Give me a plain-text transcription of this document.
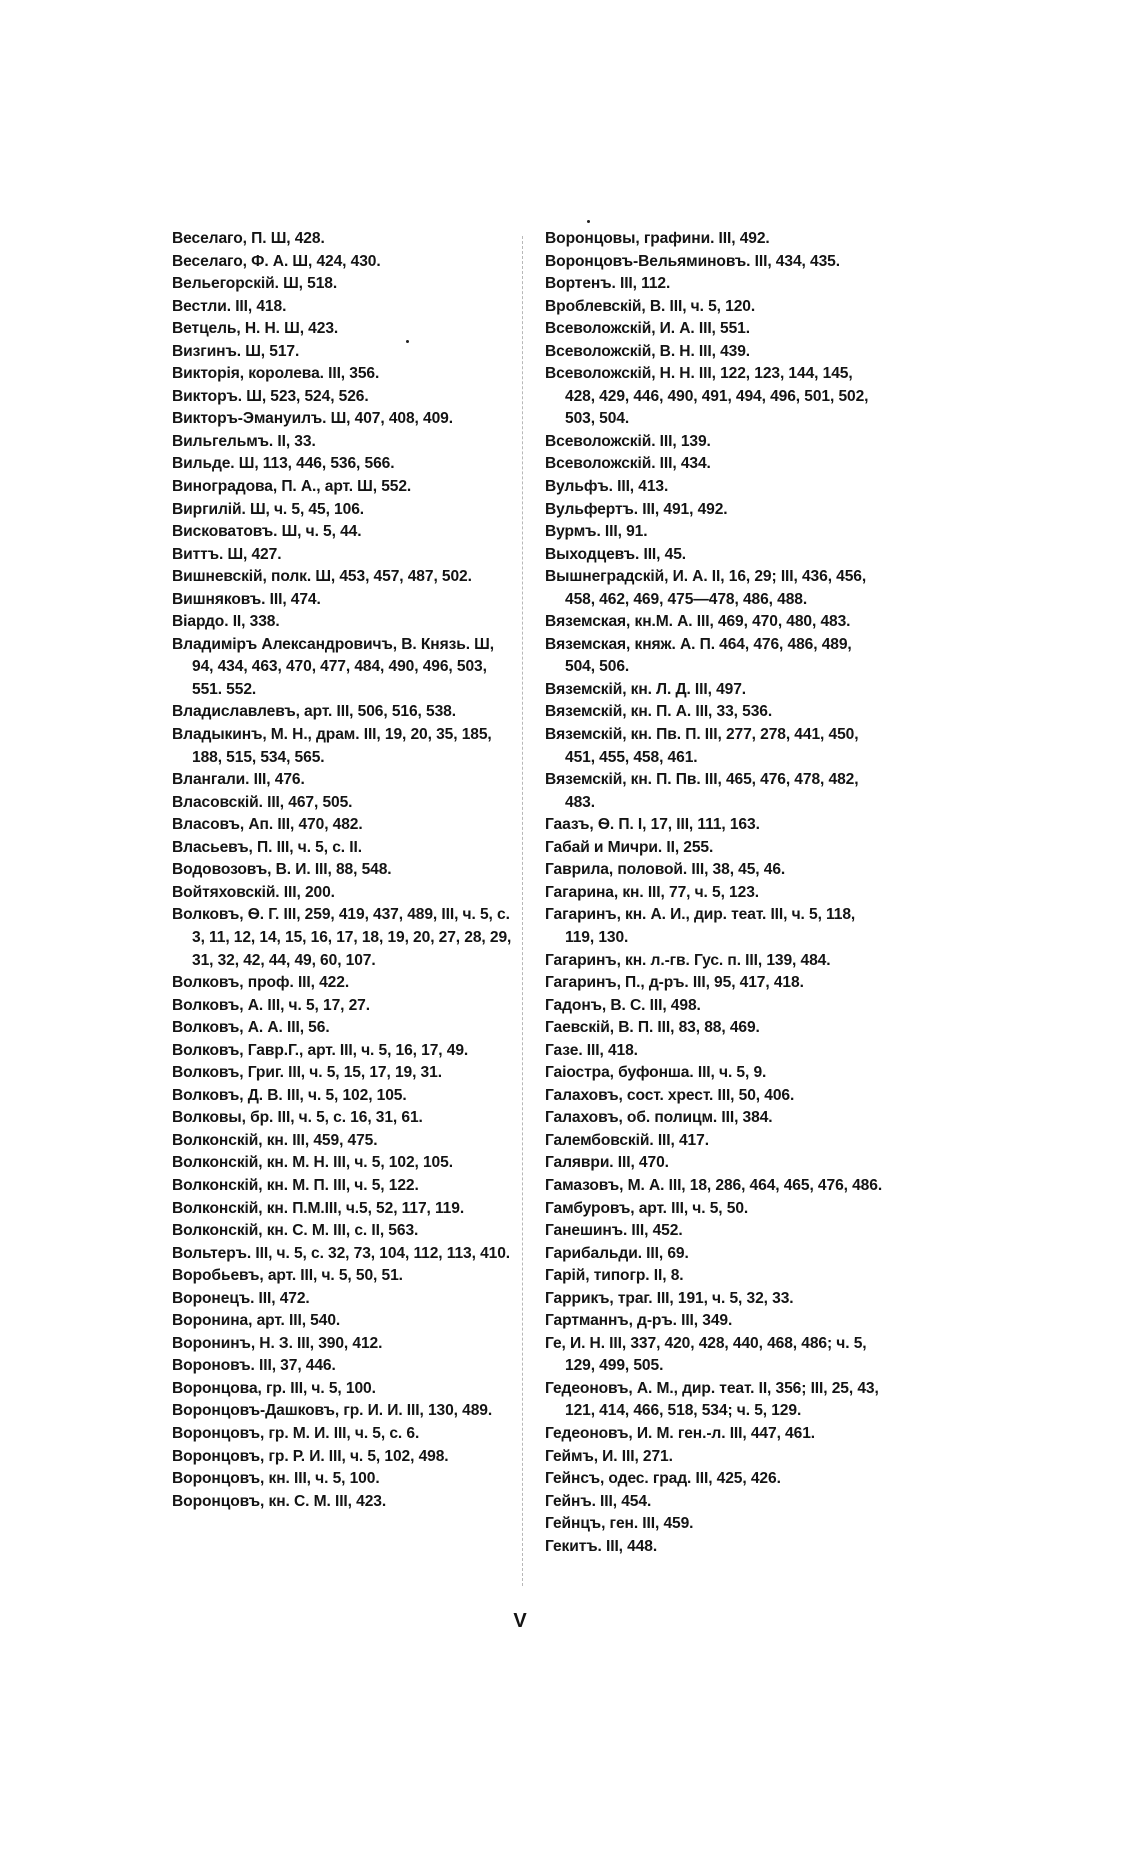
Веселаго, П. Ш, 428.
Веселаго, Ф. А. Ш, 424, 430.
Вельегорскій. Ш, 518.
Вестли. III, 418.
Ветцель, Н. Н. Ш, 423.
Визгинъ. Ш, 517.
Викторія, королева. III, 356.
Викторъ. Ш, 523, 524, 526.
Викторъ-Эмануилъ. Ш, 407, 408, 409.
Вильгельмъ. II, 33.
Вильде. Ш, 113, 446, 536, 566.
Виноградова, П. А., арт. Ш, 552.
Виргилій. Ш, ч. 5, 45, 106.
Висковатовъ. Ш, ч. 5, 44.
Виттъ. Ш, 427.
Вишневскій, полк. Ш, 453, 457, 487, 502.
Вишняковъ. III, 474.
Віардо. II, 338.
Владиміръ Александровичъ, В. Князь. Ш, 94, 434, 463, 470, 477, 484, 490, 496, 503, 551. 552.
Владиславлевъ, арт. III, 506, 516, 538.
Владыкинъ, М. Н., драм. III, 19, 20, 35, 185, 188, 515, 534, 565.
Влангали. III, 476.
Власовскій. III, 467, 505.
Власовъ, Ап. III, 470, 482.
Власьевъ, П. III, ч. 5, с. II.
Водовозовъ, В. И. III, 88, 548.
Войтяховскій. III, 200.
Волковъ, Ѳ. Г. III, 259, 419, 437, 489, III, ч. 5, с. 3, 11, 12, 14, 15, 16, 17, 18, 19, 20, 27, 28, 29, 31, 32, 42, 44, 49, 60, 107.
Волковъ, проф. III, 422.
Волковъ, А. III, ч. 5, 17, 27.
Волковъ, А. А. III, 56.
Волковъ, Гавр.Г., арт. III, ч. 5, 16, 17, 49.
Волковъ, Григ. III, ч. 5, 15, 17, 19, 31.
Волковъ, Д. В. III, ч. 5, 102, 105.
Волковы, бр. III, ч. 5, с. 16, 31, 61.
Волконскій, кн. III, 459, 475.
Волконскій, кн. М. Н. III, ч. 5, 102, 105.
Волконскій, кн. М. П. III, ч. 5, 122.
Волконскій, кн. П.М.III, ч.5, 52, 117, 119.
Волконскій, кн. С. М. III, с. II, 563.
Вольтеръ. III, ч. 5, с. 32, 73, 104, 112, 113, 410.
Воробьевъ, арт. III, ч. 5, 50, 51.
Воронецъ. III, 472.
Воронина, арт. III, 540.
Воронинъ, Н. З. III, 390, 412.
Вороновъ. III, 37, 446.
Воронцова, гр. III, ч. 5, 100.
Воронцовъ-Дашковъ, гр. И. И. III, 130, 489.
Воронцовъ, гр. М. И. III, ч. 5, с. 6.
Воронцовъ, гр. Р. И. III, ч. 5, 102, 498.
Воронцовъ, кн. III, ч. 5, 100.
Воронцовъ, кн. С. М. III, 423.
Воронцовы, графини. III, 492.
Воронцовъ-Вельяминовъ. III, 434, 435.
Вортенъ. III, 112.
Вроблевскій, В. III, ч. 5, 120.
Всеволожскій, И. А. III, 551.
Всеволожскій, В. Н. III, 439.
Всеволожскій, Н. Н. III, 122, 123, 144, 145, 428, 429, 446, 490, 491, 494, 496, 501, 502, 503, 504.
Всеволожскій. III, 139.
Всеволожскій. III, 434.
Вульфъ. III, 413.
Вульфертъ. III, 491, 492.
Вурмъ. III, 91.
Выходцевъ. III, 45.
Вышнеградскій, И. А. II, 16, 29; III, 436, 456, 458, 462, 469, 475—478, 486, 488.
Вяземская, кн.М. А. III, 469, 470, 480, 483.
Вяземская, княж. А. П. 464, 476, 486, 489, 504, 506.
Вяземскій, кн. Л. Д. III, 497.
Вяземскій, кн. П. А. III, 33, 536.
Вяземскій, кн. Пв. П. III, 277, 278, 441, 450, 451, 455, 458, 461.
Вяземскій, кн. П. Пв. III, 465, 476, 478, 482, 483.
Гаазъ, Ѳ. П. I, 17, III, 111, 163.
Габай и Мичри. II, 255.
Гаврила, половой. III, 38, 45, 46.
Гагарина, кн. III, 77, ч. 5, 123.
Гагаринъ, кн. А. И., дир. теат. III, ч. 5, 118, 119, 130.
Гагаринъ, кн. л.-гв. Гус. п. III, 139, 484.
Гагаринъ, П., д-ръ. III, 95, 417, 418.
Гадонъ, В. С. III, 498.
Гаевскій, В. П. III, 83, 88, 469.
Газе. III, 418.
Гаіостра, буфонша. III, ч. 5, 9.
Галаховъ, сост. хрест. III, 50, 406.
Галаховъ, об. полицм. III, 384.
Галембовскій. III, 417.
Галяври. III, 470.
Гамазовъ, М. А. III, 18, 286, 464, 465, 476, 486.
Гамбуровъ, арт. III, ч. 5, 50.
Ганешинъ. III, 452.
Гарибальди. III, 69.
Гарій, типогр. II, 8.
Гаррикъ, траг. III, 191, ч. 5, 32, 33.
Гартманнъ, д-ръ. III, 349.
Ге, И. Н. III, 337, 420, 428, 440, 468, 486; ч. 5, 129, 499, 505.
Гедеоновъ, А. М., дир. теат. II, 356; III, 25, 43, 121, 414, 466, 518, 534; ч. 5, 129.
Гедеоновъ, И. М. ген.-л. III, 447, 461.
Геймъ, И. III, 271.
Гейнсъ, одес. град. III, 425, 426.
Гейнъ. III, 454.
Гейнцъ, ген. III, 459.
Гекитъ. III, 448.
V
